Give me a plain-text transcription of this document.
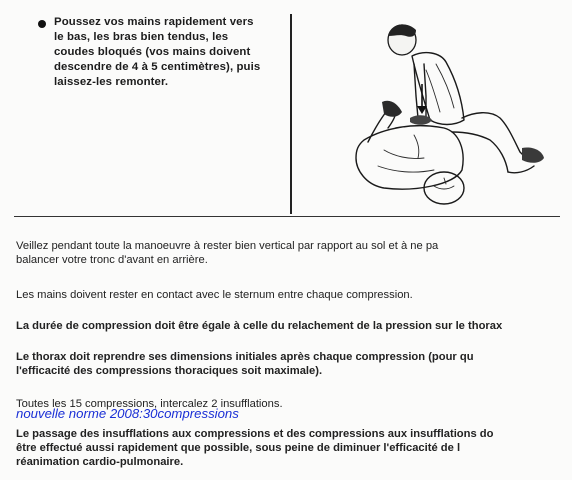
Poussez vos mains rapidement vers
le bas, les bras bien tendus, les
coudes bloqués (vos mains doivent
descendre de 4 à 5 centimètres), puis
laissez-les remonter.
Veillez pendant toute la manoeuvre à rester bien vertical par rapport au sol et à ne pa
balancer votre tronc d'avant en arrière.
Les mains doivent rester en contact avec le sternum entre chaque compression.
La durée de compression doit être égale à celle du relachement de la pression sur le thorax
Le thorax doit reprendre ses dimensions initiales après chaque compression (pour qu
l'efficacité des compressions thoraciques soit maximale).
Toutes les 15 compressions, intercalez 2 insufflations.
nouvelle norme 2008:30compressions
Le passage des insufflations aux compressions et des compressions aux insufflations do
être effectué aussi rapidement que possible, sous peine de diminuer l'efficacité de l
réanimation cardio-pulmonaire.
